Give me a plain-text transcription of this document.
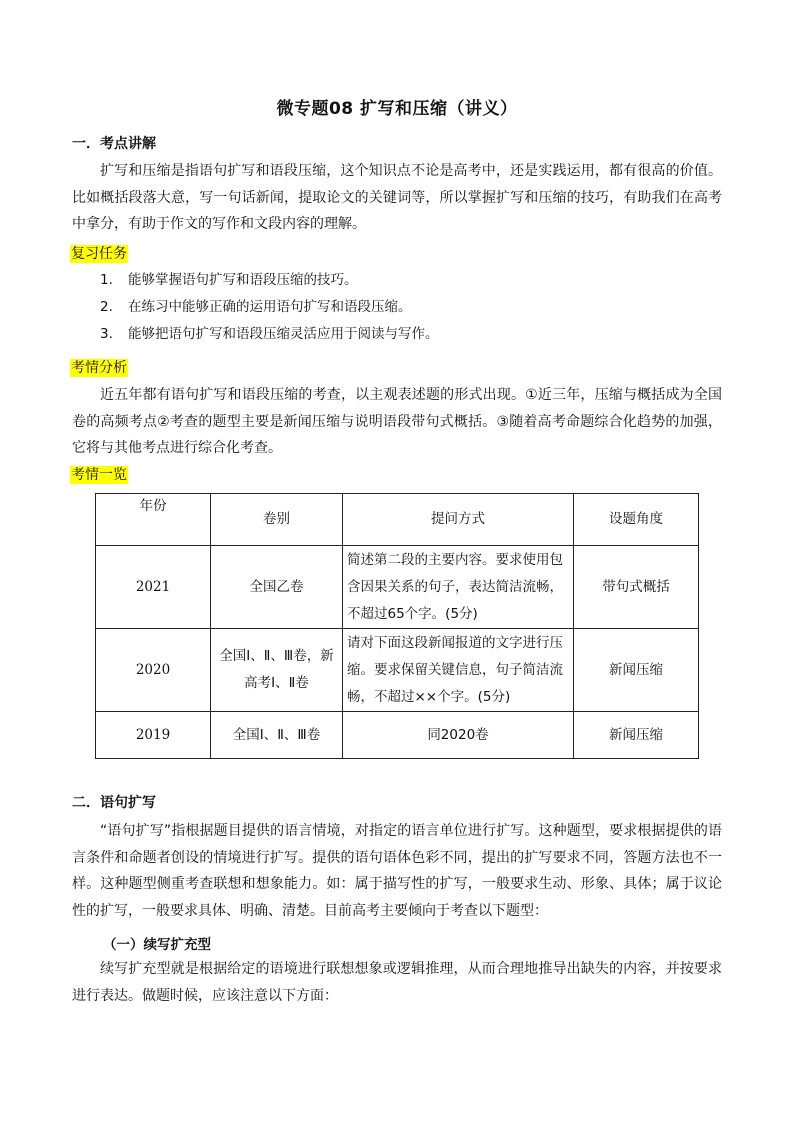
微专题08 扩写和压缩（讲义）
一．考点讲解
扩写和压缩是指语句扩写和语段压缩，这个知识点不论是高考中，还是实践运用，都有很高的价值。比如概括段落大意，写一句话新闻，提取论文的关键词等，所以掌握扩写和压缩的技巧，有助我们在高考中拿分，有助于作文的写作和文段内容的理解。
复习任务
1. 能够掌握语句扩写和语段压缩的技巧。
2. 在练习中能够正确的运用语句扩写和语段压缩。
3. 能够把语句扩写和语段压缩灵活应用于阅读与写作。
考情分析
近五年都有语句扩写和语段压缩的考查，以主观表述题的形式出现。①近三年，压缩与概括成为全国卷的高频考点②考查的题型主要是新闻压缩与说明语段带句式概括。③随着高考命题综合化趋势的加强，它将与其他考点进行综合化考查。
考情一览
年份	卷别	提问方式	设题角度
2021	全国乙卷	简述第二段的主要内容。要求使用包含因果关系的句子，表达简洁流畅，不超过65个字。(5分)	带句式概括
2020	全国Ⅰ、Ⅱ、Ⅲ卷，新高考Ⅰ、Ⅱ卷	请对下面这段新闻报道的文字进行压缩。要求保留关键信息，句子简洁流畅，不超过××个字。(5分)	新闻压缩
2019	全国Ⅰ、Ⅱ、Ⅲ卷	同2020卷	新闻压缩
二．语句扩写
“语句扩写”指根据题目提供的语言情境，对指定的语言单位进行扩写。这种题型，要求根据提供的语言条件和命题者创设的情境进行扩写。提供的语句语体色彩不同，提出的扩写要求不同，答题方法也不一样。这种题型侧重考查联想和想象能力。如：属于描写性的扩写，一般要求生动、形象、具体；属于议论性的扩写，一般要求具体、明确、清楚。目前高考主要倾向于考查以下题型：
（一）续写扩充型
续写扩充型就是根据给定的语境进行联想想象或逻辑推理，从而合理地推导出缺失的内容，并按要求进行表达。做题时候，应该注意以下方面：
